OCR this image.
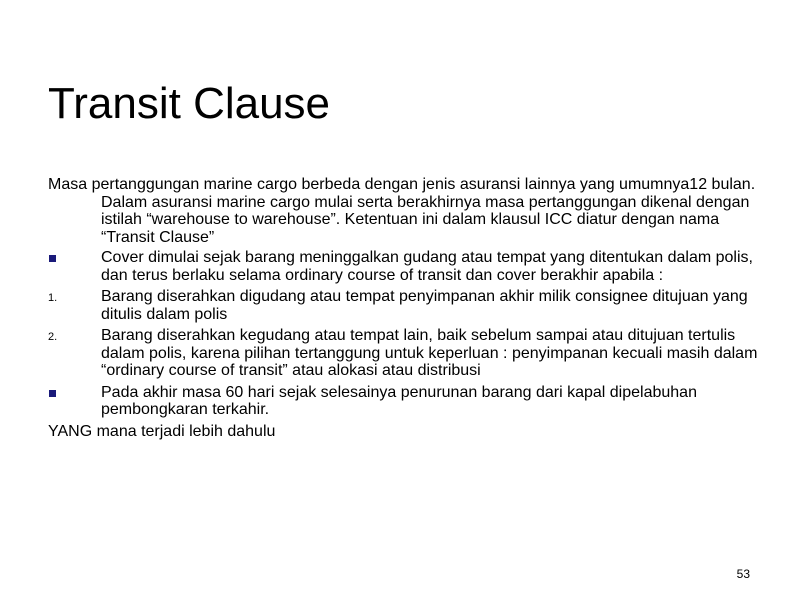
Transit Clause

Masa pertanggungan marine cargo berbeda dengan jenis asuransi lainnya yang umumnya12 bulan. Dalam asuransi marine cargo mulai serta berakhirnya masa pertanggungan dikenal dengan istilah “warehouse to warehouse”. Ketentuan ini dalam klausul ICC diatur dengan nama “Transit Clause”

Cover dimulai sejak barang meninggalkan gudang atau tempat yang ditentukan dalam polis, dan terus berlaku selama ordinary course of transit dan cover berakhir apabila :
1.	Barang diserahkan digudang atau tempat penyimpanan akhir milik consignee ditujuan yang ditulis dalam polis
2.	Barang diserahkan kegudang atau tempat lain, baik sebelum sampai atau ditujuan tertulis dalam polis, karena pilihan tertanggung untuk keperluan : penyimpanan kecuali masih dalam “ordinary course of transit” atau alokasi atau distribusi
Pada akhir masa 60 hari sejak selesainya penurunan barang dari kapal dipelabuhan pembongkaran terkahir.

YANG mana terjadi lebih dahulu

53
